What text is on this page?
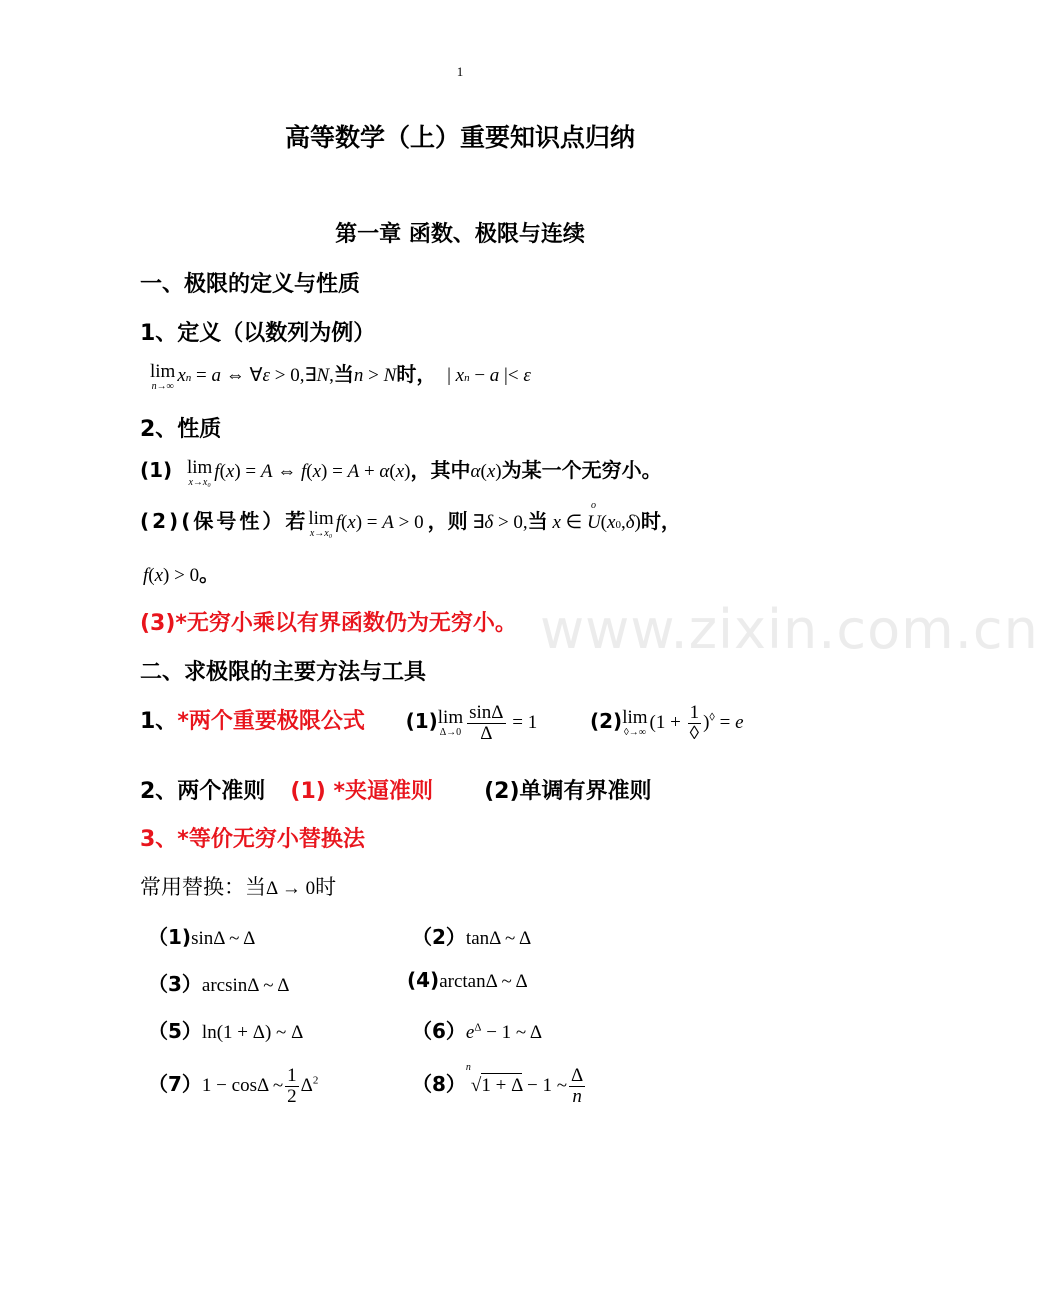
1
高等数学（上）重要知识点归纳
第一章 函数、极限与连续
www.zixin.com.cn
一、极限的定义与性质
1、定义（以数列为例）
lim
n→∞
xn = a ⇔ ∀ε > 0,∃N,当n > N时， | xn − a |< ε
2、性质
(1) lim
x→x₀
f(x) = A ⇔ f(x) = A + α(x)，其中α(x)为某一个无穷小。
(2)(保号性）若 lim
x→x₀
f(x) = A > 0 ，则 ∃δ > 0,当 x ∈ U
o
(x0,δ)时，
f(x) > 0。
(3)*无穷小乘以有界函数仍为无穷小。
二、求极限的主要方法与工具
1、*两个重要极限公式 (1) lim
$\Delta\to 0 \frac{\sin\Delta}{\Delta} = 1$	(2) lim
◊→∞
$(1 + \frac{1}{◊} )^◊ = e$
2、两个准则 (1) *夹逼准则 (2)单调有界准则
3、*等价无穷小替换法
常用替换：当Δ → 0时
（1)sinΔ ~ Δ	（2）tanΔ ~ Δ
（3）arcsinΔ ~ Δ	(4)arctanΔ ~ Δ
（5）ln(1 + Δ) ~ Δ	$(6)e^\Delta - 1$ ~ Δ
（7）1 − cosΔ ~ $\frac{1}{2} \Delta^2$	$(8)^n√1 + \Delta - 1$ ~ $\frac{\Delta}{n}$
